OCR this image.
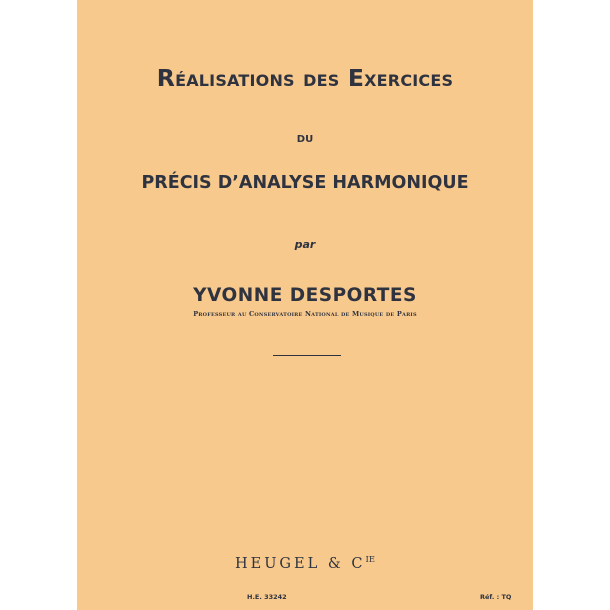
Réalisations des Exercices
DU
PRÉCIS D’ANALYSE HARMONIQUE
par
YVONNE DESPORTES
Professeur au Conservatoire National de Musique de Paris
HEUGEL & $C^{IE}$
H.E. 33242	Réf. : TQ
